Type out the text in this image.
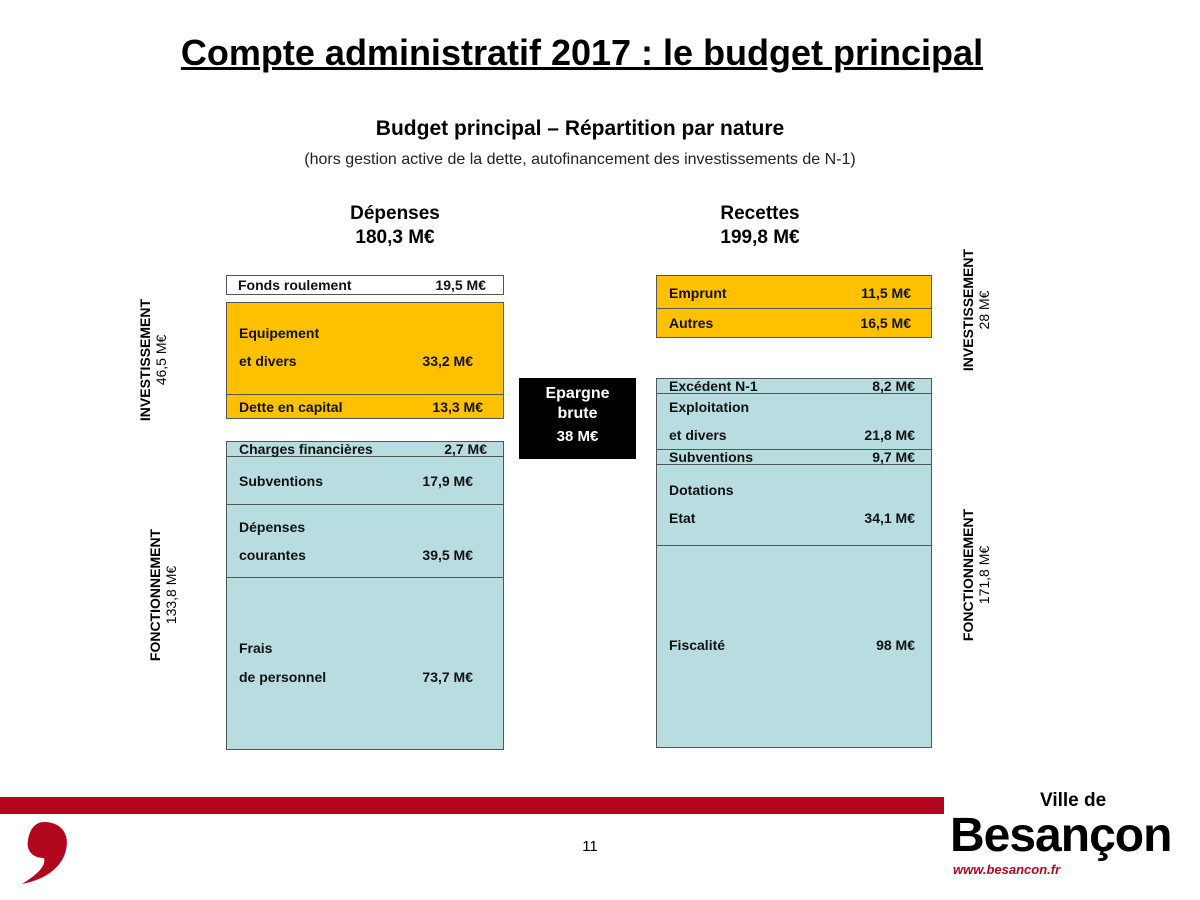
Compte administratif 2017 : le budget principal
Budget principal – Répartition par nature
(hors gestion active de la dette, autofinancement des investissements de N-1)
Dépenses
180,3 M€
Recettes
199,8 M€
INVESTISSEMENT 46,5 M€
FONCTIONNEMENT 133,8 M€
INVESTISSEMENT 28 M€
FONCTIONNEMENT 171,8 M€
Fonds roulement	19,5 M€
Equipement
et divers	33,2 M€
Dette en capital	13,3 M€
Charges financières	2,7 M€
Subventions	17,9 M€
Dépenses
courantes	39,5 M€
Frais
de personnel	73,7 M€
Epargne
brute
38 M€
Emprunt	11,5 M€
Autres	16,5 M€
Excédent N-1	8,2 M€
Exploitation
et divers	21,8 M€
Subventions	9,7 M€
Dotations
Etat	34,1 M€
Fiscalité	98 M€
11
Ville de
Besançon
www.besancon.fr
